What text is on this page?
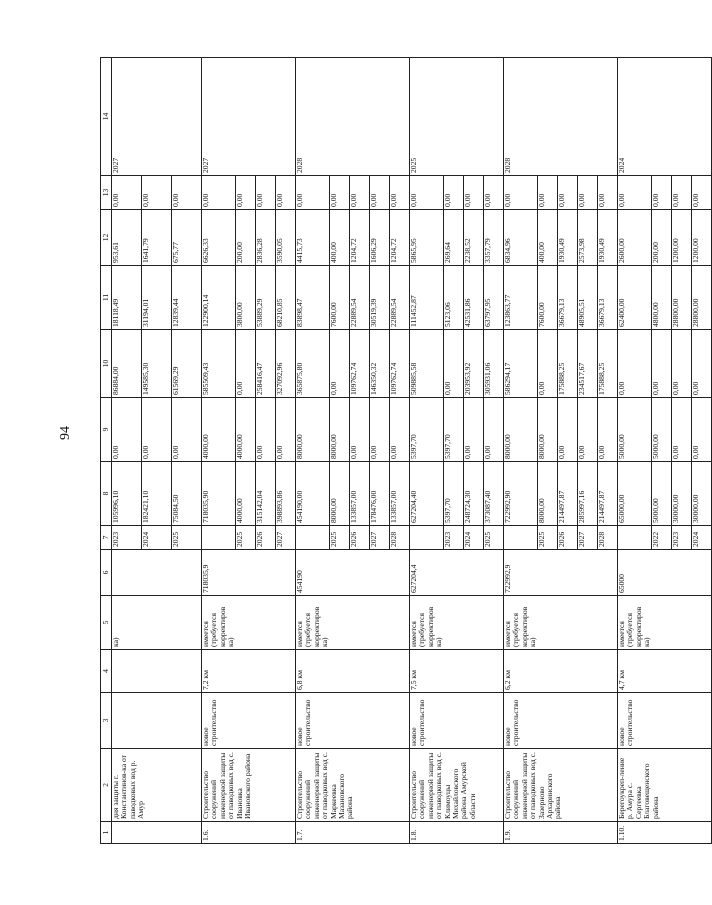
94
1	2	3	4	5	6	7	8	9	10	11	12	13	14
	дня защиты г. Константинов-ка от паводковых вод р. Амур			ка)		2023	105996,10	0,00	86884,00	18118,49	953,61	0,00	2027
						2024	182421,10	0,00	149585,30	31194,01	1641,79	0,00	
						2025	75084,50	0,00	61569,29	12839,44	675,77	0,00	
1.6.	Строительство сооружений инженерной защиты от паводковых вод с. Ивановка Ивановского района	новое строительство	7,2 км	имеется (требуется корректиров ка)	718035,9		718035,90	4000,00	585509,43	122900,14	6626,33	0,00	2027
						2025	4000,00	4000,00	0,00	3800,00	200,00	0,00	
						2026	315142,04	0,00	258416,47	53889,29	2836,28	0,00	
						2027	398893,86	0,00	327092,96	68210,85	3590,05	0,00	
1.7.	Строительство сооружений инженерной защиты от паводковых вод с. Маркеевка Мазановского района	новое строительство	6,8 км	имеется (требуется корректиров ка)	454190		454190,00	8000,00	365875,80	83898,47	4415,73	0,00	2028
						2025	8000,00	8000,00	0,00	7600,00	400,00	0,00	
						2026	133857,00	0,00	109762,74	22889,54	1204,72	0,00	
						2027	178476,00	0,00	146350,32	30519,39	1606,29	0,00	
						2028	133857,00	0,00	109762,74	22889,54	1204,72	0,00	
1.8.	Строительство сооружений инженерной защиты от паводковых вод с. Климоуцы Михайловского района Амурской области	новое строительство	7,5 км	имеется (требуется корректиров ка)	627204,4		627204,40	5397,70	509885,58	111452,87	5865,95	0,00	2025
						2023	5397,70	5397,70	0,00	5123,06	269,64	0,00	
						2024	248724,30	0,00	203953,92	42531,86	2238,52	0,00	
						2025	373087,40	0,00	305931,06	63797,95	3357,79	0,00	
1.9.	Строительство сооружений инженерной защиты от паводковых вод с. Зазерново Архаринского района	новое строительство	6,2 км	имеется (требуется корректиров ка)	722992,9		722992,90	8000,00	586294,17	123863,77	6834,96	0,00	2028
						2025	8000,00	8000,00	0,00	7600,00	400,00	0,00	
						2026	214497,87	0,00	175888,25	36679,13	1930,49	0,00	
						2027	285997,16	0,00	234517,67	48905,51	2573,98	0,00	
						2028	214497,87	0,00	175888,25	36679,13	1930,49	0,00	
1.10.	Берегоукреп-ление р. Амура с. Сергеевка Благовещенского района	новое строительство	4,7 км	имеется (требуется корректиров ка)	65000		65000,00	5000,00	0,00	62400,00	2600,00	0,00	2024
						2022	5000,00	5000,00	0,00	4800,00	200,00	0,00	
						2023	30000,00	0,00	0,00	28800,00	1200,00	0,00	
						2024	30000,00	0,00	0,00	28800,00	1200,00	0,00	
